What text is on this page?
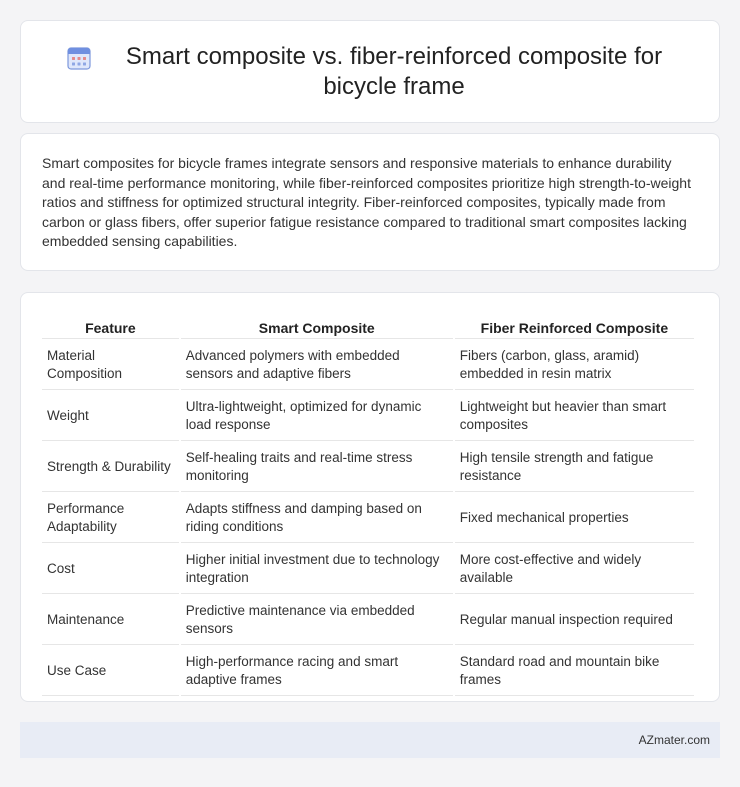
Smart composite vs. fiber-reinforced composite for bicycle frame

Smart composites for bicycle frames integrate sensors and responsive materials to enhance durability and real-time performance monitoring, while fiber-reinforced composites prioritize high strength-to-weight ratios and stiffness for optimized structural integrity. Fiber-reinforced composites, typically made from carbon or glass fibers, offer superior fatigue resistance compared to traditional smart composites lacking embedded sensing capabilities.

Feature	Smart Composite	Fiber Reinforced Composite
Material Composition	Advanced polymers with embedded sensors and adaptive fibers	Fibers (carbon, glass, aramid) embedded in resin matrix
Weight	Ultra-lightweight, optimized for dynamic load response	Lightweight but heavier than smart composites
Strength & Durability	Self-healing traits and real-time stress monitoring	High tensile strength and fatigue resistance
Performance Adaptability	Adapts stiffness and damping based on riding conditions	Fixed mechanical properties
Cost	Higher initial investment due to technology integration	More cost-effective and widely available
Maintenance	Predictive maintenance via embedded sensors	Regular manual inspection required
Use Case	High-performance racing and smart adaptive frames	Standard road and mountain bike frames
AZmater.com
